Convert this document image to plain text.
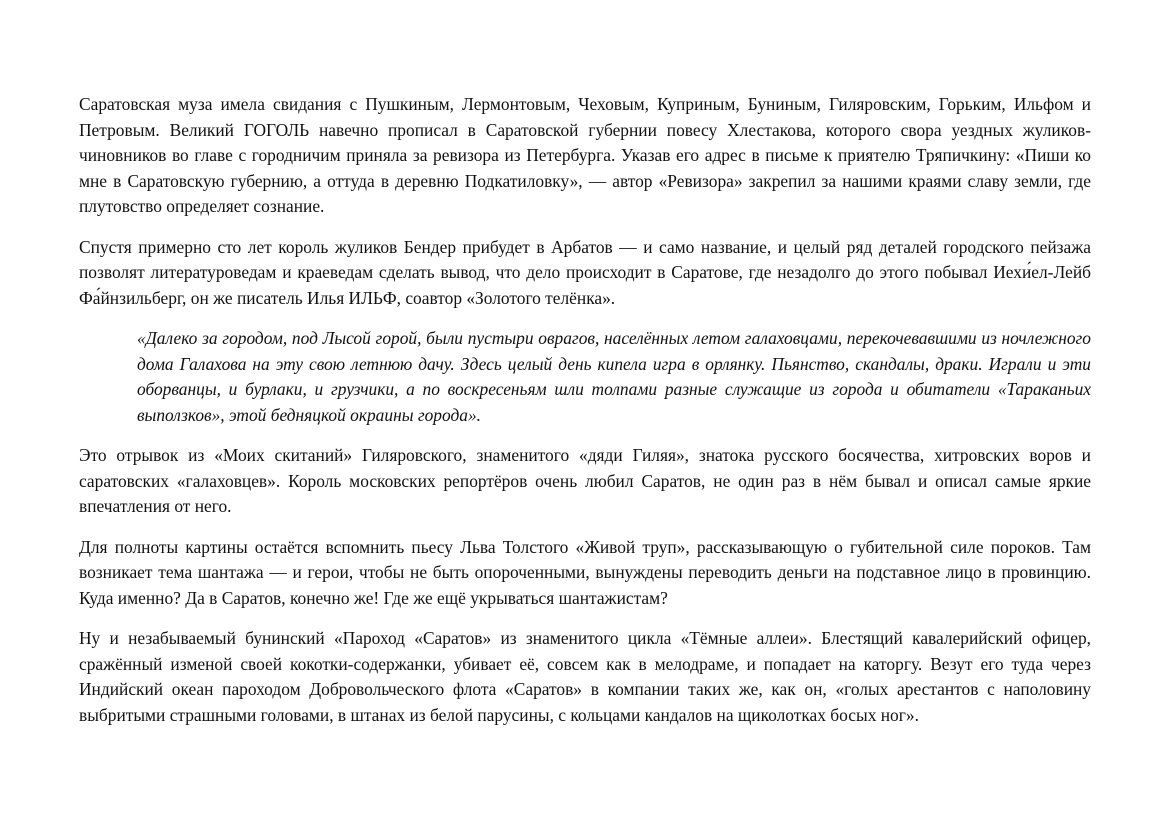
Саратовская муза имела свидания с Пушкиным, Лермонтовым, Чеховым, Куприным, Буниным, Гиляровским, Горьким, Ильфом и Петровым. Великий ГОГОЛЬ навечно прописал в Саратовской губернии повесу Хлестакова, которого свора уездных жуликов-чиновников во главе с городничим приняла за ревизора из Петербурга. Указав его адрес в письме к приятелю Тряпичкину: «Пиши ко мне в Саратовскую губернию, а оттуда в деревню Подкатиловку», — автор «Ревизора» закрепил за нашими краями славу земли, где плутовство определяет сознание.

Спустя примерно сто лет король жуликов Бендер прибудет в Арбатов — и само название, и целый ряд деталей городского пейзажа позволят литературоведам и краеведам сделать вывод, что дело происходит в Саратове, где незадолго до этого побывал Иехи́ел-Лейб Фа́йнзильберг, он же писатель Илья ИЛЬФ, соавтор «Золотого телёнка».

«Далеко за городом, под Лысой горой, были пустыри оврагов, населённых летом галаховцами, перекочевавшими из ночлежного дома Галахова на эту свою летнюю дачу. Здесь целый день кипела игра в орлянку. Пьянство, скандалы, драки. Играли и эти оборванцы, и бурлаки, и грузчики, а по воскресеньям шли толпами разные служащие из города и обитатели «Тараканьих выползков», этой бедняцкой окраины города».

Это отрывок из «Моих скитаний» Гиляровского, знаменитого «дяди Гиляя», знатока русского босячества, хитровских воров и саратовских «галаховцев». Король московских репортёров очень любил Саратов, не один раз в нём бывал и описал самые яркие впечатления от него.

Для полноты картины остаётся вспомнить пьесу Льва Толстого «Живой труп», рассказывающую о губительной силе пороков. Там возникает тема шантажа — и герои, чтобы не быть опороченными, вынуждены переводить деньги на подставное лицо в провинцию. Куда именно? Да в Саратов, конечно же! Где же ещё укрываться шантажистам?

Ну и незабываемый бунинский «Пароход «Саратов» из знаменитого цикла «Тёмные аллеи». Блестящий кавалерийский офицер, сражённый изменой своей кокотки-содержанки, убивает её, совсем как в мелодраме, и попадает на каторгу. Везут его туда через Индийский океан пароходом Добровольческого флота «Саратов» в компании таких же, как он, «голых арестантов с наполовину выбритыми страшными головами, в штанах из белой парусины, с кольцами кандалов на щиколотках босых ног».
